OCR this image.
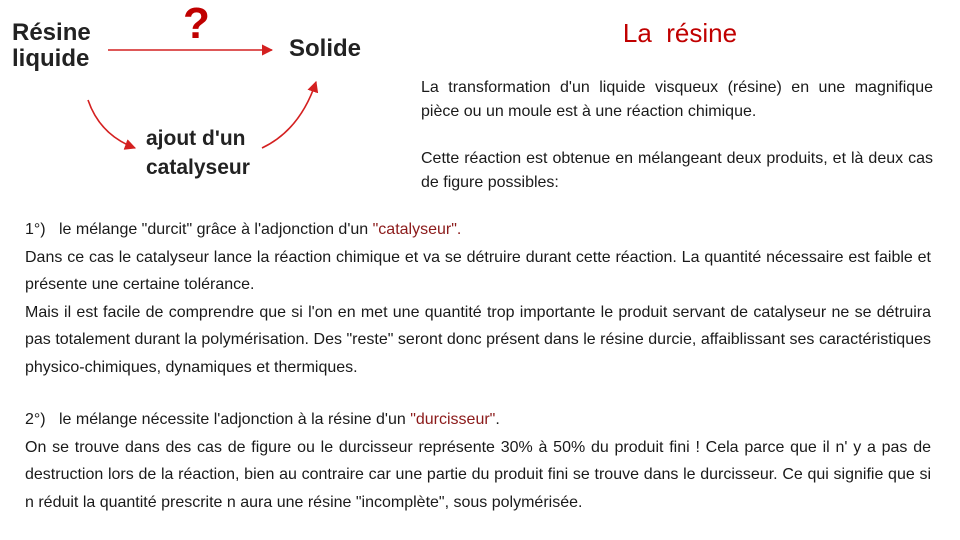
?
Résine liquide	Solide
ajout d'un catalyseur
La  résine

La transformation d'un liquide visqueux (résine) en une magnifique pièce ou un moule est à une réaction chimique.

Cette réaction est obtenue en mélangeant deux produits, et là deux cas de figure possibles:

1°)   le mélange "durcit" grâce à l'adjonction d'un "catalyseur".
Dans ce cas le catalyseur lance la réaction chimique et va se détruire durant cette réaction. La quantité nécessaire est faible et présente une certaine tolérance.
Mais il est facile de comprendre que si l'on en met une quantité trop importante le produit servant de catalyseur ne se détruira pas totalement durant la polymérisation. Des "reste" seront donc présent dans le résine durcie, affaiblissant ses caractéristiques physico-chimiques, dynamiques et thermiques.
2°)   le mélange nécessite l'adjonction à la résine d'un "durcisseur".
On se trouve dans des cas de figure ou le durcisseur représente 30% à 50% du produit fini ! Cela parce que il n' y a pas de destruction lors de la réaction, bien au contraire car une partie du produit fini se trouve dans le durcisseur. Ce qui signifie que si n réduit la quantité prescrite n aura une résine "incomplète", sous polymérisée.
